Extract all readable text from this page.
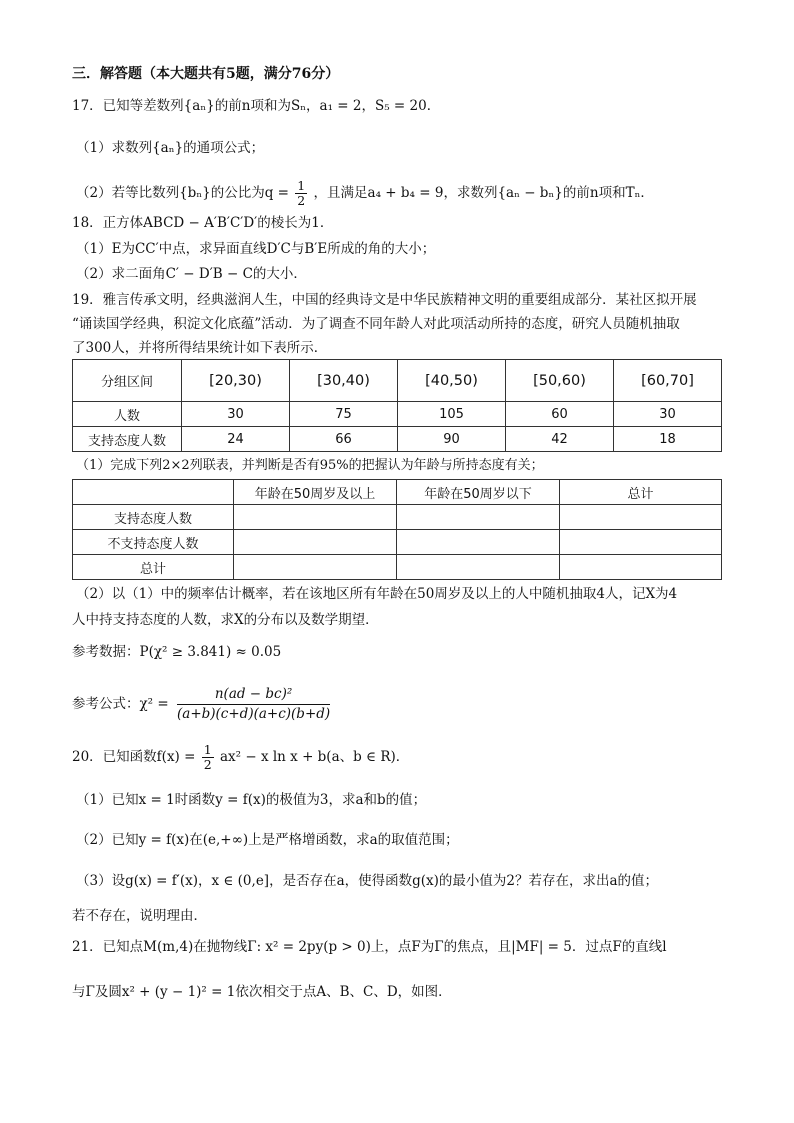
三．解答题（本大题共有5题，满分76分）
17．已知等差数列{aₙ}的前n项和为Sₙ，a₁ = 2，S₅ = 20．
（1）求数列{aₙ}的通项公式；
（2）若等比数列{bₙ}的公比为$q = \frac{1}{2}$ ，且满足a₄ + b₄ = 9，求数列{aₙ − bₙ}的前n项和Tₙ．
18．正方体ABCD − A′B′C′D′的棱长为1．
（1）E为CC′中点，求异面直线D′C与B′E所成的角的大小；
（2）求二面角C′ − D′B − C的大小．
19．雅言传承文明，经典滋润人生，中国的经典诗文是中华民族精神文明的重要组成部分．某社区拟开展
“诵读国学经典，积淀文化底蕴”活动．为了调查不同年龄人对此项活动所持的态度，研究人员随机抽取
了300人，并将所得结果统计如下表所示．
分组区间	[20,30)	[30,40)	[40,50)	[50,60)	[60,70]
人数	30	75	105	60	30
支持态度人数	24	66	90	42	18
（1）完成下列2×2列联表，并判断是否有95%的把握认为年龄与所持态度有关；
	年龄在50周岁及以上	年龄在50周岁以下	总计
支持态度人数			
不支持态度人数			
总计			
（2）以（1）中的频率估计概率，若在该地区所有年龄在50周岁及以上的人中随机抽取4人，记X为4
人中持支持态度的人数，求X的分布以及数学期望．
参考数据：P(χ² ≥ 3.841) ≈ 0.05
参考公式：$\chi^2 = \frac{\text{n(ad − bc)²}}{(a+b)(c+d)(a+c)(b+d)}$
20．已知函数$f(x) = \frac{1}{2} ax^2 - x$ ln x + b(a、b ∈ R)．
（1）已知x = 1时函数y = f(x)的极值为3，求a和b的值；
（2）已知y = f(x)在(e,+∞)上是严格增函数，求a的取值范围；
（3）设g(x) = f′(x)，x ∈ (0,e]，是否存在a，使得函数g(x)的最小值为2？若存在，求出a的值；
若不存在，说明理由．
21．已知点M(m,4)在抛物线Γ: x² = 2py(p > 0)上，点F为Γ的焦点，且|MF| = 5．过点F的直线l
与Γ及圆x² + (y − 1)² = 1依次相交于点A、B、C、D，如图．
